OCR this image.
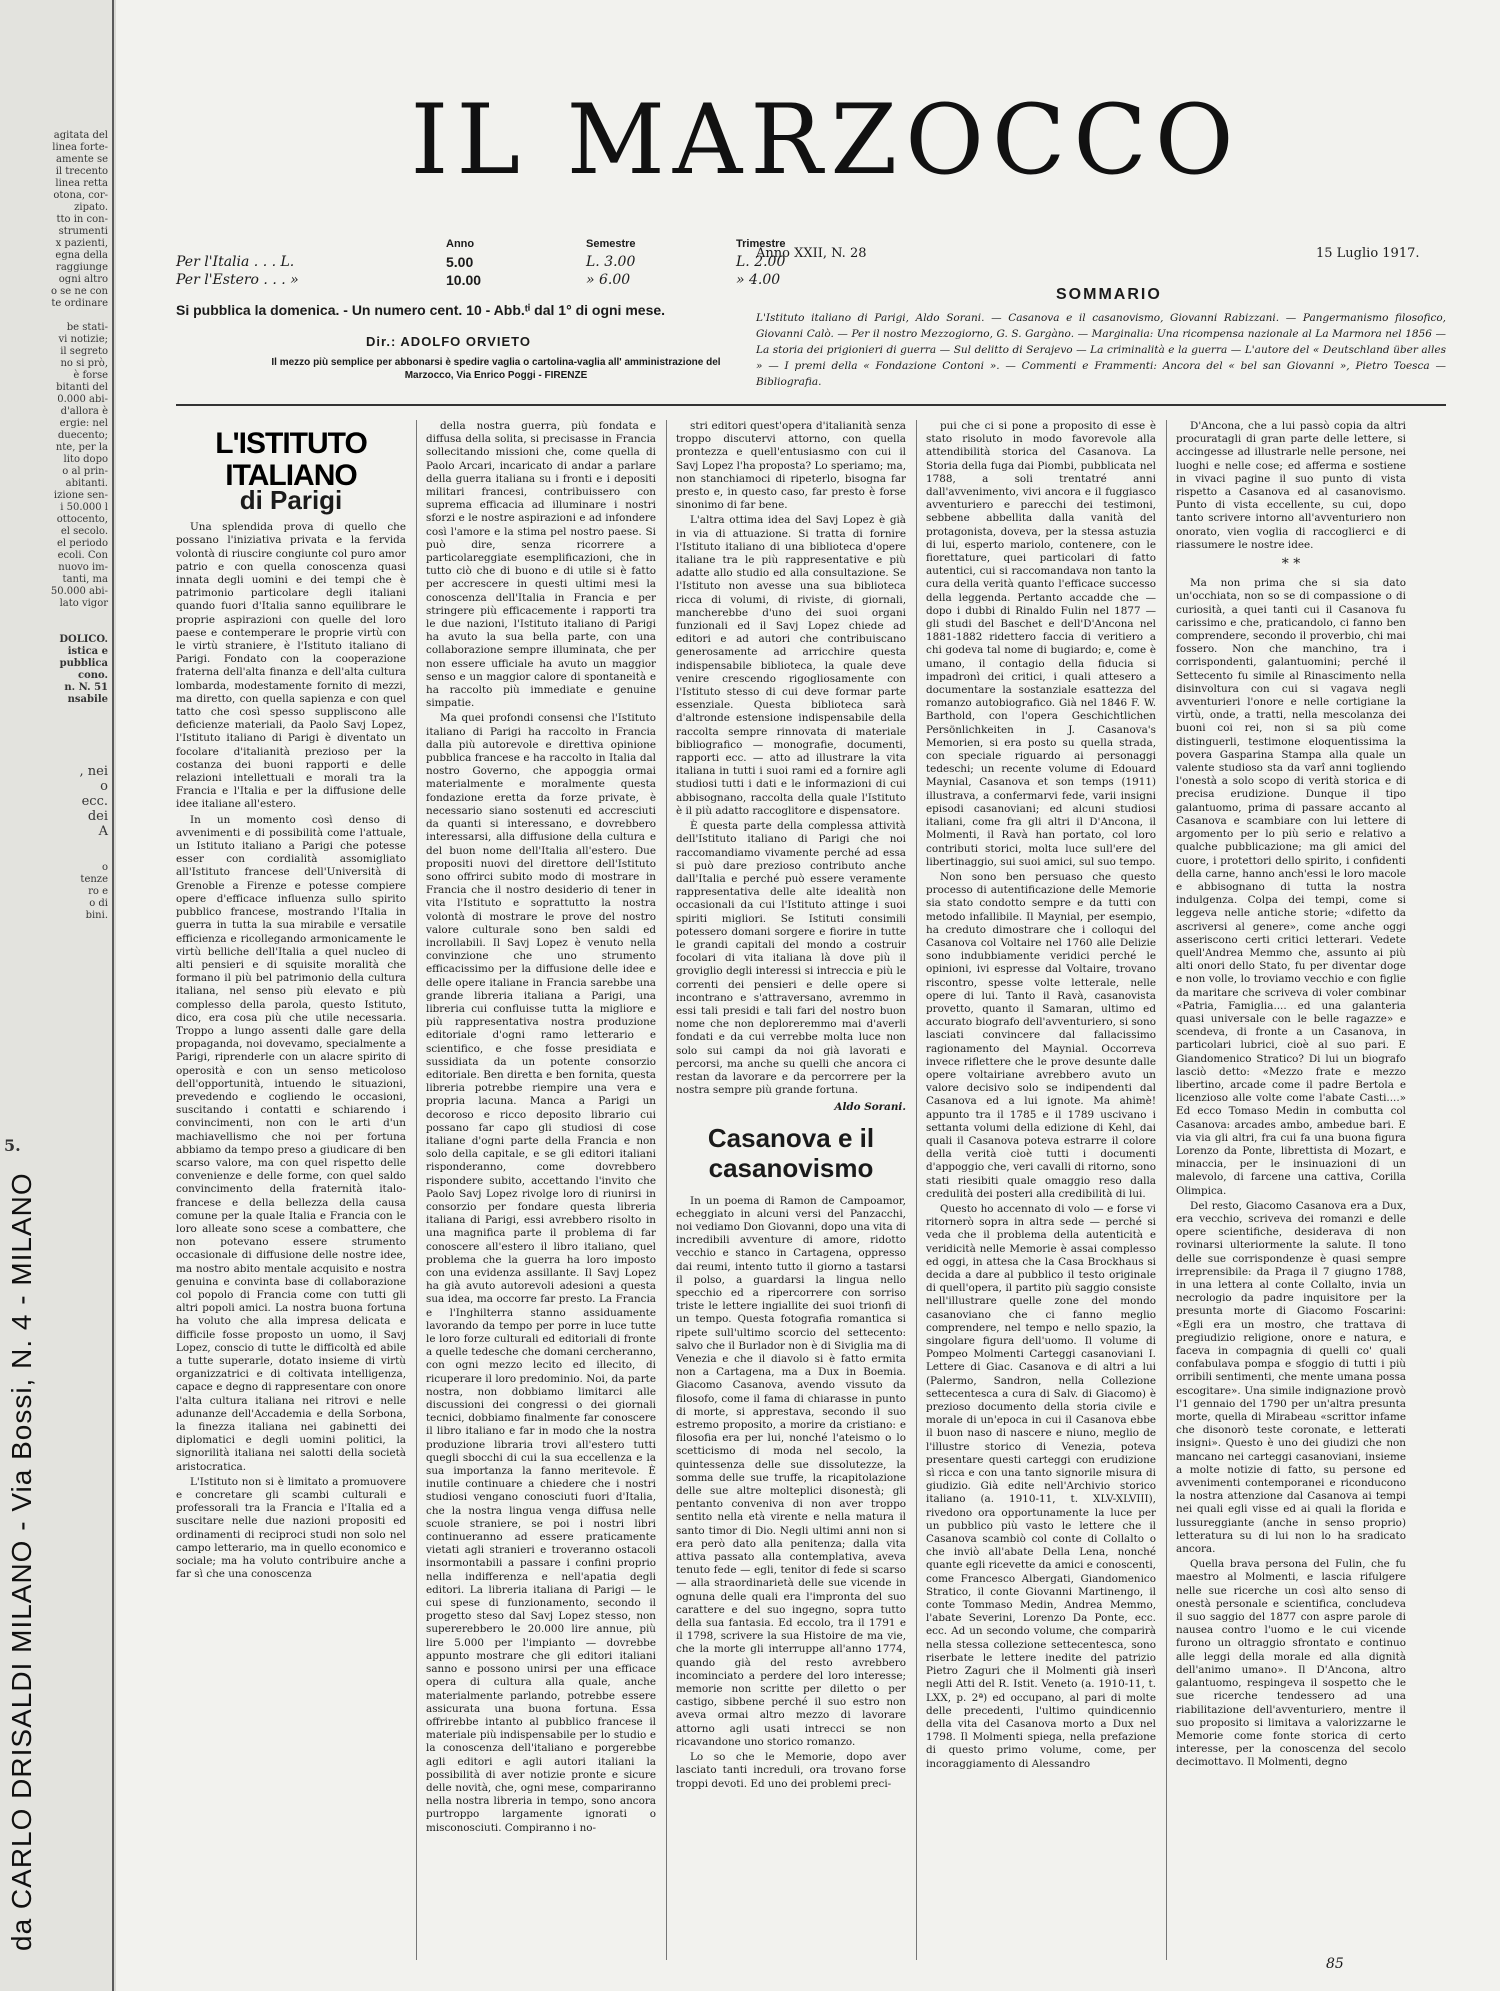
agitata del
linea forte-
amente se
il trecento
linea retta
otona, cor-
zipato.
tto in con-
strumenti
x pazienti,
egna della
raggiunge
ogni altro
o se ne con
te ordinare
be stati-
vi notizie;
il segreto
no si prò,
è forse
bitanti del
0.000 abi-
d'allora è
ergie: nel
duecento;
nte, per la
lito dopo
o al prin-
abitanti.
izione sen-
i 50.000 l
ottocento,
el secolo.
el periodo
ecoli. Con
nuovo im-
tanti, ma
50.000 abi-
lato vigor
DOLICO.
istica e
pubblica
cono.
n. N. 51
nsabile
, nei
o
ecc.
dei
A
o
tenze
ro e
o di
bini.
5.
da CARLO DRISALDI MILANO - Via Bossi, N. 4 - MILANO
IL MARZOCCO
Anno	Semestre	Trimestre
Per l'Italia . . . L.	5.00	L. 3.00	L. 2.00
Per l'Estero . . . »	10.00	» 6.00	» 4.00
Si pubblica la domenica. - Un numero cent. 10 - Abb.ᵗⁱ dal 1° di ogni mese.
Dir.: ADOLFO ORVIETO
Il mezzo più semplice per abbonarsi è spedire vaglia o cartolina-vaglia all' amministrazione del Marzocco, Via Enrico Poggi - FIRENZE
Anno XXII, N. 28	15 Luglio 1917.
SOMMARIO
L'Istituto italiano di Parigi, Aldo Sorani. — Casanova e il casanovismo, Giovanni Rabizzani. — Pangermanismo filosofico, Giovanni Calò. — Per il nostro Mezzogiorno, G. S. Gargàno. — Marginalia: Una ricompensa nazionale al La Marmora nel 1856 — La storia dei prigionieri di guerra — Sul delitto di Serajevo — La criminalità e la guerra — L'autore del « Deutschland über alles » — I premi della « Fondazione Contoni ». — Commenti e Frammenti: Ancora del « bel san Giovanni », Pietro Toesca — Bibliografia.
L'ISTITUTO ITALIANO
di Parigi

Una splendida prova di quello che possano l'iniziativa privata e la fervida volontà di riuscire congiunte col puro amor patrio e con quella conoscenza quasi innata degli uomini e dei tempi che è patrimonio particolare degli italiani quando fuori d'Italia sanno equilibrare le proprie aspirazioni con quelle del loro paese e contemperare le proprie virtù con le virtù straniere, è l'Istituto italiano di Parigi. Fondato con la cooperazione fraterna dell'alta finanza e dell'alta cultura lombarda, modestamente fornito di mezzi, ma diretto, con quella sapienza e con quel tatto che così spesso suppliscono alle deficienze materiali, da Paolo Savj Lopez, l'Istituto italiano di Parigi è diventato un focolare d'italianità prezioso per la costanza dei buoni rapporti e delle relazioni intellettuali e morali tra la Francia e l'Italia e per la diffusione delle idee italiane all'estero.

In un momento così denso di avvenimenti e di possibilità come l'attuale, un Istituto italiano a Parigi che potesse esser con cordialità assomigliato all'Istituto francese dell'Università di Grenoble a Firenze e potesse compiere opere d'efficace influenza sullo spirito pubblico francese, mostrando l'Italia in guerra in tutta la sua mirabile e versatile efficienza e ricollegando armonicamente le virtù belliche dell'Italia a quel nucleo di alti pensieri e di squisite moralità che formano il più bel patrimonio della cultura italiana, nel senso più elevato e più complesso della parola, questo Istituto, dico, era cosa più che utile necessaria. Troppo a lungo assenti dalle gare della propaganda, noi dovevamo, specialmente a Parigi, riprenderle con un alacre spirito di operosità e con un senso meticoloso dell'opportunità, intuendo le situazioni, prevedendo e cogliendo le occasioni, suscitando i contatti e schiarendo i convincimenti, non con le arti d'un machiavellismo che noi per fortuna abbiamo da tempo preso a giudicare di ben scarso valore, ma con quel rispetto delle convenienze e delle forme, con quel saldo convincimento della fraternità italo-francese e della bellezza della causa comune per la quale Italia e Francia con le loro alleate sono scese a combattere, che non potevano essere strumento occasionale di diffusione delle nostre idee, ma nostro abito mentale acquisito e nostra genuina e convinta base di collaborazione col popolo di Francia come con tutti gli altri popoli amici. La nostra buona fortuna ha voluto che alla impresa delicata e difficile fosse proposto un uomo, il Savj Lopez, conscio di tutte le difficoltà ed abile a tutte superarle, dotato insieme di virtù organizzatrici e di coltivata intelligenza, capace e degno di rappresentare con onore l'alta cultura italiana nei ritrovi e nelle adunanze dell'Accademia e della Sorbona, la finezza italiana nei gabinetti dei diplomatici e degli uomini politici, la signorilità italiana nei salotti della società aristocratica.

L'Istituto non si è limitato a promuovere e concretare gli scambi culturali e professorali tra la Francia e l'Italia ed a suscitare nelle due nazioni propositi ed ordinamenti di reciproci studi non solo nel campo letterario, ma in quello economico e sociale; ma ha voluto contribuire anche a far sì che una conoscenza

della nostra guerra, più fondata e diffusa della solita, si precisasse in Francia sollecitando missioni che, come quella di Paolo Arcari, incaricato di andar a parlare della guerra italiana su i fronti e i depositi militari francesi, contribuissero con suprema efficacia ad illuminare i nostri sforzi e le nostre aspirazioni e ad infondere così l'amore e la stima pel nostro paese. Si può dire, senza ricorrere a particolareggiate esemplificazioni, che in tutto ciò che di buono e di utile si è fatto per accrescere in questi ultimi mesi la conoscenza dell'Italia in Francia e per stringere più efficacemente i rapporti tra le due nazioni, l'Istituto italiano di Parigi ha avuto la sua bella parte, con una collaborazione sempre illuminata, che per non essere ufficiale ha avuto un maggior senso e un maggior calore di spontaneità e ha raccolto più immediate e genuine simpatie.

Ma quei profondi consensi che l'Istituto italiano di Parigi ha raccolto in Francia dalla più autorevole e direttiva opinione pubblica francese e ha raccolto in Italia dal nostro Governo, che appoggia ormai materialmente e moralmente questa fondazione eretta da forze private, è necessario siano sostenuti ed accresciuti da quanti si interessano, e dovrebbero interessarsi, alla diffusione della cultura e del buon nome dell'Italia all'estero. Due propositi nuovi del direttore dell'Istituto sono offrirci subito modo di mostrare in Francia che il nostro desiderio di tener in vita l'Istituto e soprattutto la nostra volontà di mostrare le prove del nostro valore culturale sono ben saldi ed incrollabili. Il Savj Lopez è venuto nella convinzione che uno strumento efficacissimo per la diffusione delle idee e delle opere italiane in Francia sarebbe una grande libreria italiana a Parigi, una libreria cui confluisse tutta la migliore e più rappresentativa nostra produzione editoriale d'ogni ramo letterario e scientifico, e che fosse presidiata e sussidiata da un potente consorzio editoriale. Ben diretta e ben fornita, questa libreria potrebbe riempire una vera e propria lacuna. Manca a Parigi un decoroso e ricco deposito librario cui possano far capo gli studiosi di cose italiane d'ogni parte della Francia e non solo della capitale, e se gli editori italiani risponderanno, come dovrebbero rispondere subito, accettando l'invito che Paolo Savj Lopez rivolge loro di riunirsi in consorzio per fondare questa libreria italiana di Parigi, essi avrebbero risolto in una magnifica parte il problema di far conoscere all'estero il libro italiano, quel problema che la guerra ha loro imposto con una evidenza assillante. Il Savj Lopez ha già avuto autorevoli adesioni a questa sua idea, ma occorre far presto. La Francia e l'Inghilterra stanno assiduamente lavorando da tempo per porre in luce tutte le loro forze culturali ed editoriali di fronte a quelle tedesche che domani cercheranno, con ogni mezzo lecito ed illecito, di ricuperare il loro predominio. Noi, da parte nostra, non dobbiamo limitarci alle discussioni dei congressi o dei giornali tecnici, dobbiamo finalmente far conoscere il libro italiano e far in modo che la nostra produzione libraria trovi all'estero tutti quegli sbocchi di cui la sua eccellenza e la sua importanza la fanno meritevole. È inutile continuare a chiedere che i nostri studiosi vengano conosciuti fuori d'Italia, che la nostra lingua venga diffusa nelle scuole straniere, se poi i nostri libri continueranno ad essere praticamente vietati agli stranieri e troveranno ostacoli insormontabili a passare i confini proprio nella indifferenza e nell'apatia degli editori. La libreria italiana di Parigi — le cui spese di funzionamento, secondo il progetto steso dal Savj Lopez stesso, non supererebbero le 20.000 lire annue, più lire 5.000 per l'impianto — dovrebbe appunto mostrare che gli editori italiani sanno e possono unirsi per una efficace opera di cultura alla quale, anche materialmente parlando, potrebbe essere assicurata una buona fortuna. Essa offrirebbe intanto al pubblico francese il materiale più indispensabile per lo studio e la conoscenza dell'italiano e porgerebbe agli editori e agli autori italiani la possibilità di aver notizie pronte e sicure delle novità, che, ogni mese, compariranno nella nostra libreria in tempo, sono ancora purtroppo largamente ignorati o misconosciuti. Compiranno i no-

stri editori quest'opera d'italianità senza troppo discutervi attorno, con quella prontezza e quell'entusiasmo con cui il Savj Lopez l'ha proposta? Lo speriamo; ma, non stanchiamoci di ripeterlo, bisogna far presto e, in questo caso, far presto è forse sinonimo di far bene.

L'altra ottima idea del Savj Lopez è già in via di attuazione. Si tratta di fornire l'Istituto italiano di una biblioteca d'opere italiane tra le più rappresentative e più adatte allo studio ed alla consultazione. Se l'Istituto non avesse una sua biblioteca ricca di volumi, di riviste, di giornali, mancherebbe d'uno dei suoi organi funzionali ed il Savj Lopez chiede ad editori e ad autori che contribuiscano generosamente ad arricchire questa indispensabile biblioteca, la quale deve venire crescendo rigogliosamente con l'Istituto stesso di cui deve formar parte essenziale. Questa biblioteca sarà d'altronde estensione indispensabile della raccolta sempre rinnovata di materiale bibliografico — monografie, documenti, rapporti ecc. — atto ad illustrare la vita italiana in tutti i suoi rami ed a fornire agli studiosi tutti i dati e le informazioni di cui abbisognano, raccolta della quale l'Istituto è il più adatto raccoglitore e dispensatore.

È questa parte della complessa attività dell'Istituto italiano di Parigi che noi raccomandiamo vivamente perché ad essa si può dare prezioso contributo anche dall'Italia e perché può essere veramente rappresentativa delle alte idealità non occasionali da cui l'Istituto attinge i suoi spiriti migliori. Se Istituti consimili potessero domani sorgere e fiorire in tutte le grandi capitali del mondo a costruir focolari di vita italiana là dove più il groviglio degli interessi si intreccia e più le correnti dei pensieri e delle opere si incontrano e s'attraversano, avremmo in essi tali presidi e tali fari del nostro buon nome che non deploreremmo mai d'averli fondati e da cui verrebbe molta luce non solo sui campi da noi già lavorati e percorsi, ma anche su quelli che ancora ci restan da lavorare e da percorrere per la nostra sempre più grande fortuna.

Aldo Sorani.
Casanova e il casanovismo

In un poema di Ramon de Campoamor, echeggiato in alcuni versi del Panzacchi, noi vediamo Don Giovanni, dopo una vita di incredibili avventure di amore, ridotto vecchio e stanco in Cartagena, oppresso dai reumi, intento tutto il giorno a tastarsi il polso, a guardarsi la lingua nello specchio ed a ripercorrere con sorriso triste le lettere ingiallite dei suoi trionfi di un tempo. Questa fotografia romantica si ripete sull'ultimo scorcio del settecento: salvo che il Burlador non è di Siviglia ma di Venezia e che il diavolo si è fatto ermita non a Cartagena, ma a Dux in Boemia. Giacomo Casanova, avendo vissuto da filosofo, come il fama di chiarasse in punto di morte, si apprestava, secondo il suo estremo proposito, a morire da cristiano: e filosofia era per lui, nonché l'ateismo o lo scetticismo di moda nel secolo, la quintessenza delle sue dissolutezze, la somma delle sue truffe, la ricapitolazione delle sue altre molteplici disonestà; gli pentanto conveniva di non aver troppo sentito nella età virente e nella matura il santo timor di Dio. Negli ultimi anni non si era però dato alla penitenza; dalla vita attiva passato alla contemplativa, aveva tenuto fede — egli, tenitor di fede si scarso — alla straordinarietà delle sue vicende in ognuna delle quali era l'impronta del suo carattere e del suo ingegno, sopra tutto della sua fantasia. Ed eccolo, tra il 1791 e il 1798, scrivere la sua Histoire de ma vie, che la morte gli interruppe all'anno 1774, quando già del resto avrebbero incominciato a perdere del loro interesse; memorie non scritte per diletto o per castigo, sibbene perché il suo estro non aveva ormai altro mezzo di lavorare attorno agli usati intrecci se non ricavandone uno storico romanzo.

Lo so che le Memorie, dopo aver lasciato tanti increduli, ora trovano forse troppi devoti. Ed uno dei problemi preci-

pui che ci si pone a proposito di esse è stato risoluto in modo favorevole alla attendibilità storica del Casanova. La Storia della fuga dai Piombi, pubblicata nel 1788, a soli trentatré anni dall'avvenimento, vivi ancora e il fuggiasco avventuriero e parecchi dei testimoni, sebbene abbellita dalla vanità del protagonista, doveva, per la stessa astuzia di lui, esperto mariolo, contenere, con le fiorettature, quei particolari di fatto autentici, cui si raccomandava non tanto la cura della verità quanto l'efficace successo della leggenda. Pertanto accadde che — dopo i dubbi di Rinaldo Fulin nel 1877 — gli studi del Baschet e dell'D'Ancona nel 1881-1882 ridettero faccia di veritiero a chi godeva tal nome di bugiardo; e, come è umano, il contagio della fiducia si impadronì dei critici, i quali attesero a documentare la sostanziale esattezza del romanzo autobiografico. Già nel 1846 F. W. Barthold, con l'opera Geschichtlichen Persönlichkeiten in J. Casanova's Memorien, si era posto su quella strada, con speciale riguardo ai personaggi tedeschi; un recente volume di Edouard Maynial, Casanova et son temps (1911) illustrava, a confermarvi fede, varii insigni episodi casanoviani; ed alcuni studiosi italiani, come fra gli altri il D'Ancona, il Molmenti, il Ravà han portato, col loro contributi storici, molta luce sull'ere del libertinaggio, sui suoi amici, sul suo tempo.

Non sono ben persuaso che questo processo di autentificazione delle Memorie sia stato condotto sempre e da tutti con metodo infallibile. Il Maynial, per esempio, ha creduto dimostrare che i colloqui del Casanova col Voltaire nel 1760 alle Delizie sono indubbiamente veridici perché le opinioni, ivi espresse dal Voltaire, trovano riscontro, spesse volte letterale, nelle opere di lui. Tanto il Ravà, casanovista provetto, quanto il Samaran, ultimo ed accurato biografo dell'avventuriero, si sono lasciati convincere dal fallacissimo ragionamento del Maynial. Occorreva invece riflettere che le prove desunte dalle opere voltairiane avrebbero avuto un valore decisivo solo se indipendenti dal Casanova ed a lui ignote. Ma ahimè! appunto tra il 1785 e il 1789 uscivano i settanta volumi della edizione di Kehl, dai quali il Casanova poteva estrarre il colore della verità cioè tutti i documenti d'appoggio che, veri cavalli di ritorno, sono stati riesibiti quale omaggio reso dalla credulità dei posteri alla credibilità di lui.

Questo ho accennato di volo — e forse vi ritornerò sopra in altra sede — perché si veda che il problema della autenticità e veridicità nelle Memorie è assai complesso ed oggi, in attesa che la Casa Brockhaus si decida a dare al pubblico il testo originale di quell'opera, il partito più saggio consiste nell'illustrare quelle zone del mondo casanoviano che ci fanno meglio comprendere, nel tempo e nello spazio, la singolare figura dell'uomo. Il volume di Pompeo Molmenti Carteggi casanoviani I. Lettere di Giac. Casanova e di altri a lui (Palermo, Sandron, nella Collezione settecentesca a cura di Salv. di Giacomo) è prezioso documento della storia civile e morale di un'epoca in cui il Casanova ebbe il buon naso di nascere e niuno, meglio de l'illustre storico di Venezia, poteva presentare questi carteggi con erudizione sì ricca e con una tanto signorile misura di giudizio. Già edite nell'Archivio storico italiano (a. 1910-11, t. XLV-XLVIII), rivedono ora opportunamente la luce per un pubblico più vasto le lettere che il Casanova scambiò col conte di Collalto o che inviò all'abate Della Lena, nonché quante egli ricevette da amici e conoscenti, come Francesco Albergati, Giandomenico Stratico, il conte Giovanni Martinengo, il conte Tommaso Medin, Andrea Memmo, l'abate Severini, Lorenzo Da Ponte, ecc. ecc. Ad un secondo volume, che comparirà nella stessa collezione settecentesca, sono riserbate le lettere inedite del patrizio Pietro Zaguri che il Molmenti già inserì negli Atti del R. Istit. Veneto (a. 1910-11, t. LXX, p. 2ª) ed occupano, al pari di molte delle precedenti, l'ultimo quindicennio della vita del Casanova morto a Dux nel 1798. Il Molmenti spiega, nella prefazione di questo primo volume, come, per incoraggiamento di Alessandro

D'Ancona, che a lui passò copia da altri procuratagli di gran parte delle lettere, si accingesse ad illustrarle nelle persone, nei luoghi e nelle cose; ed afferma e sostiene in vivaci pagine il suo punto di vista rispetto a Casanova ed al casanovismo. Punto di vista eccellente, su cui, dopo tanto scrivere intorno all'avventuriero non onorato, vien voglia di raccoglierci e di riassumere le nostre idee.

* *

Ma non prima che si sia dato un'occhiata, non so se di compassione o di curiosità, a quei tanti cui il Casanova fu carissimo e che, praticandolo, ci fanno ben comprendere, secondo il proverbio, chi mai fossero. Non che manchino, tra i corrispondenti, galantuomini; perché il Settecento fu simile al Rinascimento nella disinvoltura con cui si vagava negli avventurieri l'onore e nelle cortigiane la virtù, onde, a tratti, nella mescolanza dei buoni coi rei, non si sa più come distinguerli, testimone eloquentissima la povera Gasparina Stampa alla quale un valente studioso sta da varî anni togliendo l'onestà a solo scopo di verità storica e di precisa erudizione. Dunque il tipo galantuomo, prima di passare accanto al Casanova e scambiare con lui lettere di argomento per lo più serio e relativo a qualche pubblicazione; ma gli amici del cuore, i protettori dello spirito, i confidenti della carne, hanno anch'essi le loro macole e abbisognano di tutta la nostra indulgenza. Colpa dei tempi, come si leggeva nelle antiche storie; «difetto da ascriversi al genere», come anche oggi asseriscono certi critici letterari. Vedete quell'Andrea Memmo che, assunto ai più alti onori dello Stato, fu per diventar doge e non volle, lo troviamo vecchio e con figlie da maritare che scriveva di voler combinar «Patria, Famiglia.... ed una galanteria quasi universale con le belle ragazze» e scendeva, di fronte a un Casanova, in particolari lubrici, cioè al suo pari. E Giandomenico Stratico? Di lui un biografo lasciò detto: «Mezzo frate e mezzo libertino, arcade come il padre Bertola e licenzioso alle volte come l'abate Casti....» Ed ecco Tomaso Medin in combutta col Casanova: arcades ambo, ambedue bari. E via via gli altri, fra cui fa una buona figura Lorenzo da Ponte, librettista di Mozart, e minaccia, per le insinuazioni di un malevolo, di farcene una cattiva, Corilla Olimpica.

Del resto, Giacomo Casanova era a Dux, era vecchio, scriveva dei romanzi e delle opere scientifiche, desiderava di non rovinarsi ulteriormente la salute. Il tono delle sue corrispondenze è quasi sempre irreprensibile: da Praga il 7 giugno 1788, in una lettera al conte Collalto, invia un necrologio da padre inquisitore per la presunta morte di Giacomo Foscarini: «Egli era un mostro, che trattava di pregiudizio religione, onore e natura, e faceva in compagnia di quelli co' quali confabulava pompa e sfoggio di tutti i più orribili sentimenti, che mente umana possa escogitare». Una simile indignazione provò l'1 gennaio del 1790 per un'altra presunta morte, quella di Mirabeau «scrittor infame che disonorò teste coronate, e letterati insigni». Questo è uno dei giudizi che non mancano nei carteggi casanoviani, insieme a molte notizie di fatto, su persone ed avvenimenti contemporanei e riconducono la nostra attenzione dal Casanova ai tempi nei quali egli visse ed ai quali la florida e lussureggiante (anche in senso proprio) letteratura su di lui non lo ha sradicato ancora.

Quella brava persona del Fulin, che fu maestro al Molmenti, e lascia rifulgere nelle sue ricerche un così alto senso di onestà personale e scientifica, concludeva il suo saggio del 1877 con aspre parole di nausea contro l'uomo e le cui vicende furono un oltraggio sfrontato e continuo alle leggi della morale ed alla dignità dell'animo umano». Il D'Ancona, altro galantuomo, respingeva il sospetto che le sue ricerche tendessero ad una riabilitazione dell'avventuriero, mentre il suo proposito si limitava a valorizzarne le Memorie come fonte storica di certo interesse, per la conoscenza del secolo decimottavo. Il Molmenti, degno

85
